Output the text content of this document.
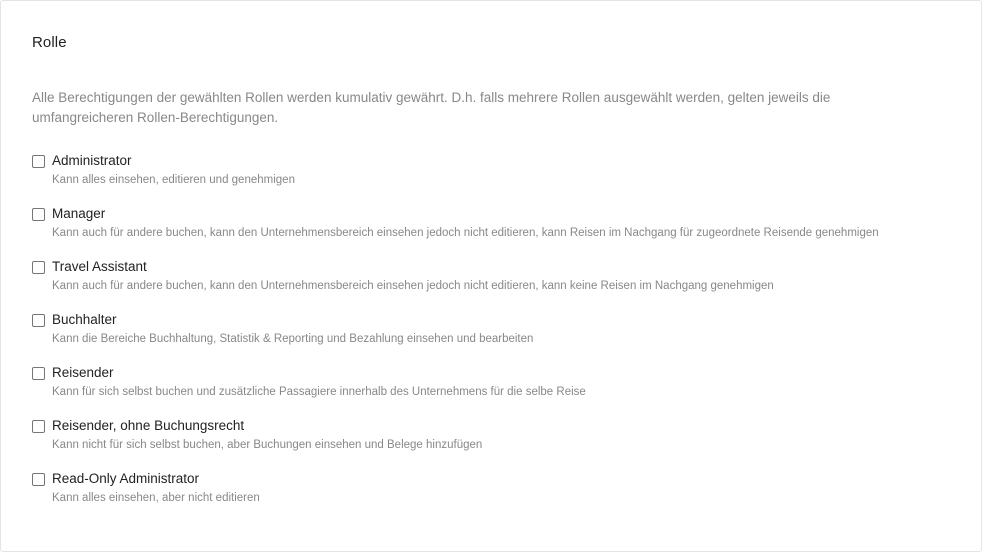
Rolle
Alle Berechtigungen der gewählten Rollen werden kumulativ gewährt. D.h. falls mehrere Rollen ausgewählt werden, gelten jeweils die umfangreicheren Rollen-Berechtigungen.
Administrator
Kann alles einsehen, editieren und genehmigen
Manager
Kann auch für andere buchen, kann den Unternehmensbereich einsehen jedoch nicht editieren, kann Reisen im Nachgang für zugeordnete Reisende genehmigen
Travel Assistant
Kann auch für andere buchen, kann den Unternehmensbereich einsehen jedoch nicht editieren, kann keine Reisen im Nachgang genehmigen
Buchhalter
Kann die Bereiche Buchhaltung, Statistik & Reporting und Bezahlung einsehen und bearbeiten
Reisender
Kann für sich selbst buchen und zusätzliche Passagiere innerhalb des Unternehmens für die selbe Reise
Reisender, ohne Buchungsrecht
Kann nicht für sich selbst buchen, aber Buchungen einsehen und Belege hinzufügen
Read-Only Administrator
Kann alles einsehen, aber nicht editieren
